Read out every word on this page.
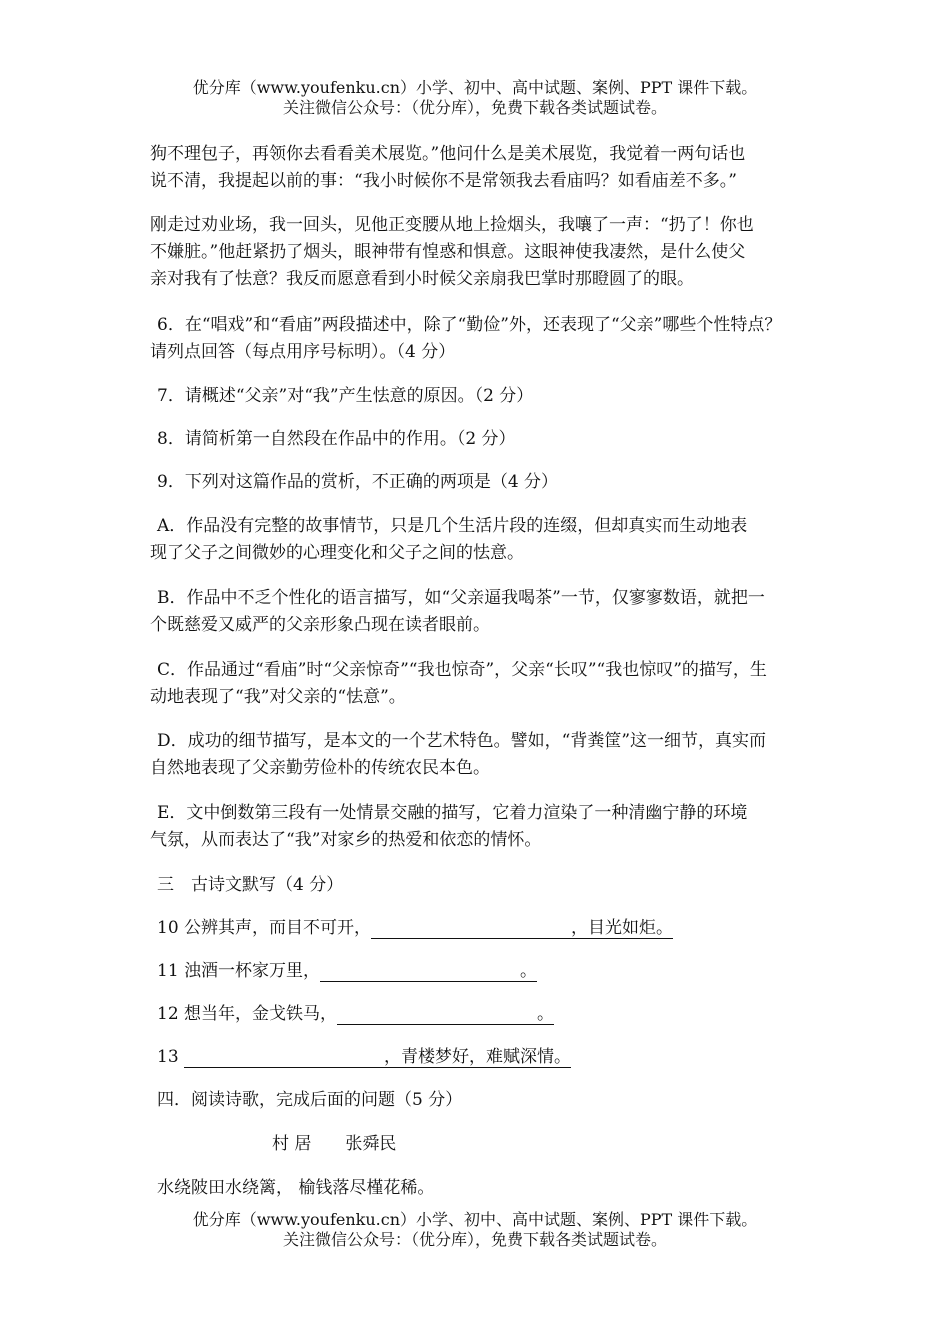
优分库（www.youfenku.cn）小学、初中、高中试题、案例、PPT 课件下载。
关注微信公众号：（优分库），免费下载各类试题试卷。
狗不理包子，再领你去看看美术展览。”他问什么是美术展览，我觉着一两句话也
说不清，我提起以前的事：“我小时候你不是常领我去看庙吗？如看庙差不多。”
刚走过劝业场，我一回头，见他正变腰从地上捡烟头，我嚷了一声：“扔了！你也
不嫌脏。”他赶紧扔了烟头，眼神带有惶惑和惧意。这眼神使我凄然，是什么使父
亲对我有了怯意？我反而愿意看到小时候父亲扇我巴掌时那瞪圆了的眼。
6．在“唱戏”和“看庙”两段描述中，除了“勤俭”外，还表现了“父亲”哪些个性特点？
请列点回答（每点用序号标明）。（4 分）
7．请概述“父亲”对“我”产生怯意的原因。（2 分）
8．请简析第一自然段在作品中的作用。（2 分）
9．下列对这篇作品的赏析，不正确的两项是（4 分）
A．作品没有完整的故事情节，只是几个生活片段的连缀，但却真实而生动地表
现了父子之间微妙的心理变化和父子之间的怯意。
B．作品中不乏个性化的语言描写，如“父亲逼我喝茶”一节，仅寥寥数语，就把一
个既慈爱又威严的父亲形象凸现在读者眼前。
C．作品通过“看庙”时“父亲惊奇”“我也惊奇”，父亲“长叹”“我也惊叹”的描写，生
动地表现了“我”对父亲的“怯意”。
D．成功的细节描写，是本文的一个艺术特色。譬如，“背粪筐”这一细节，真实而
自然地表现了父亲勤劳俭朴的传统农民本色。
E．文中倒数第三段有一处情景交融的描写，它着力渲染了一种清幽宁静的环境
气氛，从而表达了“我”对家乡的热爱和依恋的情怀。
三　古诗文默写（4 分）
10 公辨其声，而目不可开，	，目光如炬。
11 浊酒一杯家万里，	。
12 想当年，金戈铁马，	。
13	，青楼梦好，难赋深情。
四．阅读诗歌，完成后面的问题（5 分）
村 居 张舜民
水绕陂田水绕篱， 榆钱落尽槿花稀。
优分库（www.youfenku.cn）小学、初中、高中试题、案例、PPT 课件下载。
关注微信公众号：（优分库），免费下载各类试题试卷。
